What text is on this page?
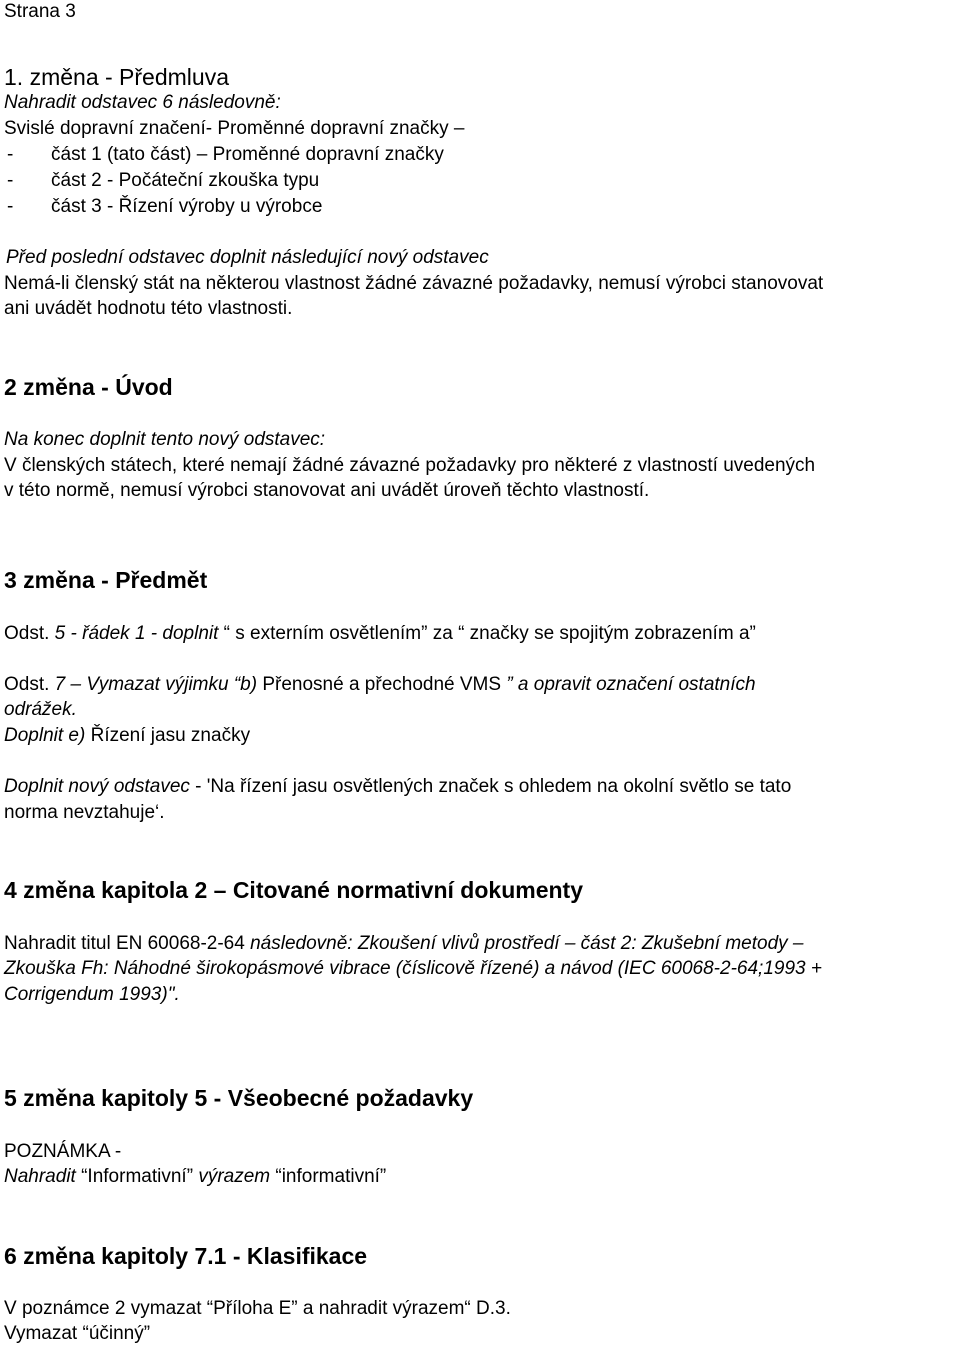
Strana 3
1. změna - Předmluva
Nahradit odstavec 6 následovně:
Svislé dopravní značení- Proměnné dopravní značky –
- část 1 (tato část) – Proměnné dopravní značky
- část 2 - Počáteční zkouška typu
- část 3 - Řízení výroby u výrobce
Před poslední odstavec doplnit následující nový odstavec
Nemá-li členský stát na některou vlastnost žádné závazné požadavky, nemusí výrobci stanovovat
ani uvádět hodnotu této vlastnosti.
2 změna - Úvod
Na konec doplnit tento nový odstavec:
V členských státech, které nemají žádné závazné požadavky pro některé z vlastností uvedených
v této normě, nemusí výrobci stanovovat ani uvádět úroveň těchto vlastností.
3 změna - Předmět
Odst. 5 - řádek 1 - doplnit “ s externím osvětlením” za “ značky se spojitým zobrazením a”
Odst. 7 – Vymazat výjimku “b) Přenosné a přechodné VMS ” a opravit označení ostatních
odrážek.
Doplnit e) Řízení jasu značky
Doplnit nový odstavec - 'Na řízení jasu osvětlených značek s ohledem na okolní světlo se tato
norma nevztahuje‘.
4 změna kapitola 2 – Citované normativní dokumenty
Nahradit titul EN 60068-2-64 následovně: Zkoušení vlivů prostředí – část 2: Zkušební metody –
Zkouška Fh: Náhodné širokopásmové vibrace (číslicově řízené) a návod (IEC 60068-2-64;1993 +
Corrigendum 1993)".
5 změna kapitoly 5 - Všeobecné požadavky
POZNÁMKA -
Nahradit “Informativní” výrazem “informativní”
6 změna kapitoly 7.1 - Klasifikace
V poznámce 2 vymazat “Příloha E” a nahradit výrazem“ D.3.
Vymazat “účinný”
